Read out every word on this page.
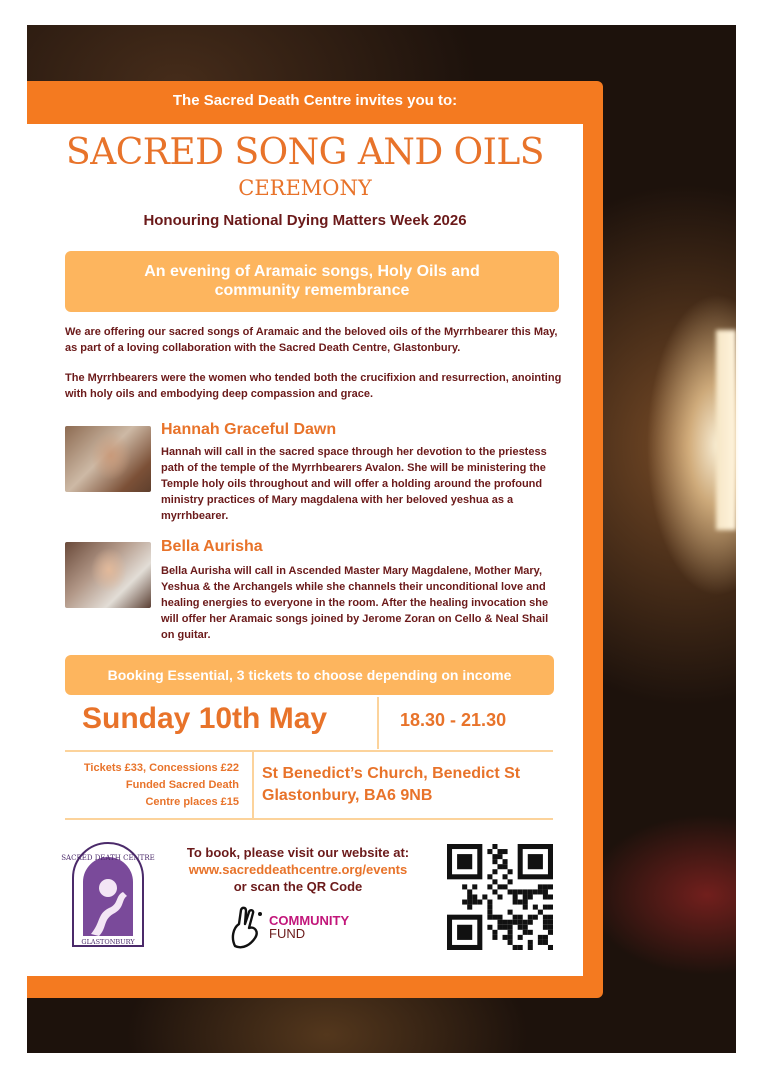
The Sacred Death Centre invites you to:
SACRED SONG AND OILS
CEREMONY
Honouring National Dying Matters Week 2026
An evening of Aramaic songs, Holy Oils and
community remembrance
We are offering our sacred songs of Aramaic and the beloved oils of the Myrrhbearer this May, as part of a loving collaboration with the Sacred Death Centre, Glastonbury.
The Myrrhbearers were the women who tended both the crucifixion and resurrection, anointing with holy oils and embodying deep compassion and grace.
Hannah Graceful Dawn
Hannah will call in the sacred space through her devotion to the priestess path of the temple of the Myrrhbearers Avalon. She will be ministering the Temple holy oils throughout and will offer a holding around the profound ministry practices of Mary magdalena with her beloved yeshua as a myrrhbearer.
Bella Aurisha
Bella Aurisha will call in Ascended Master Mary Magdalene, Mother Mary, Yeshua & the Archangels while she channels their unconditional love and healing energies to everyone in the room. After the healing invocation she will offer her Aramaic songs joined by Jerome Zoran on Cello & Neal Shail on guitar.
Booking Essential, 3 tickets to choose depending on income
Sunday 10th May	18.30 - 21.30
Tickets £33, Concessions £22
Funded Sacred Death
Centre places £15
St Benedict’s Church, Benedict St
Glastonbury, BA6 9NB
SACRED DEATH CENTRE
GLASTONBURY
To book, please visit our website at:
www.sacreddeathcentre.org/events
or scan the QR Code
COMMUNITY
FUND
